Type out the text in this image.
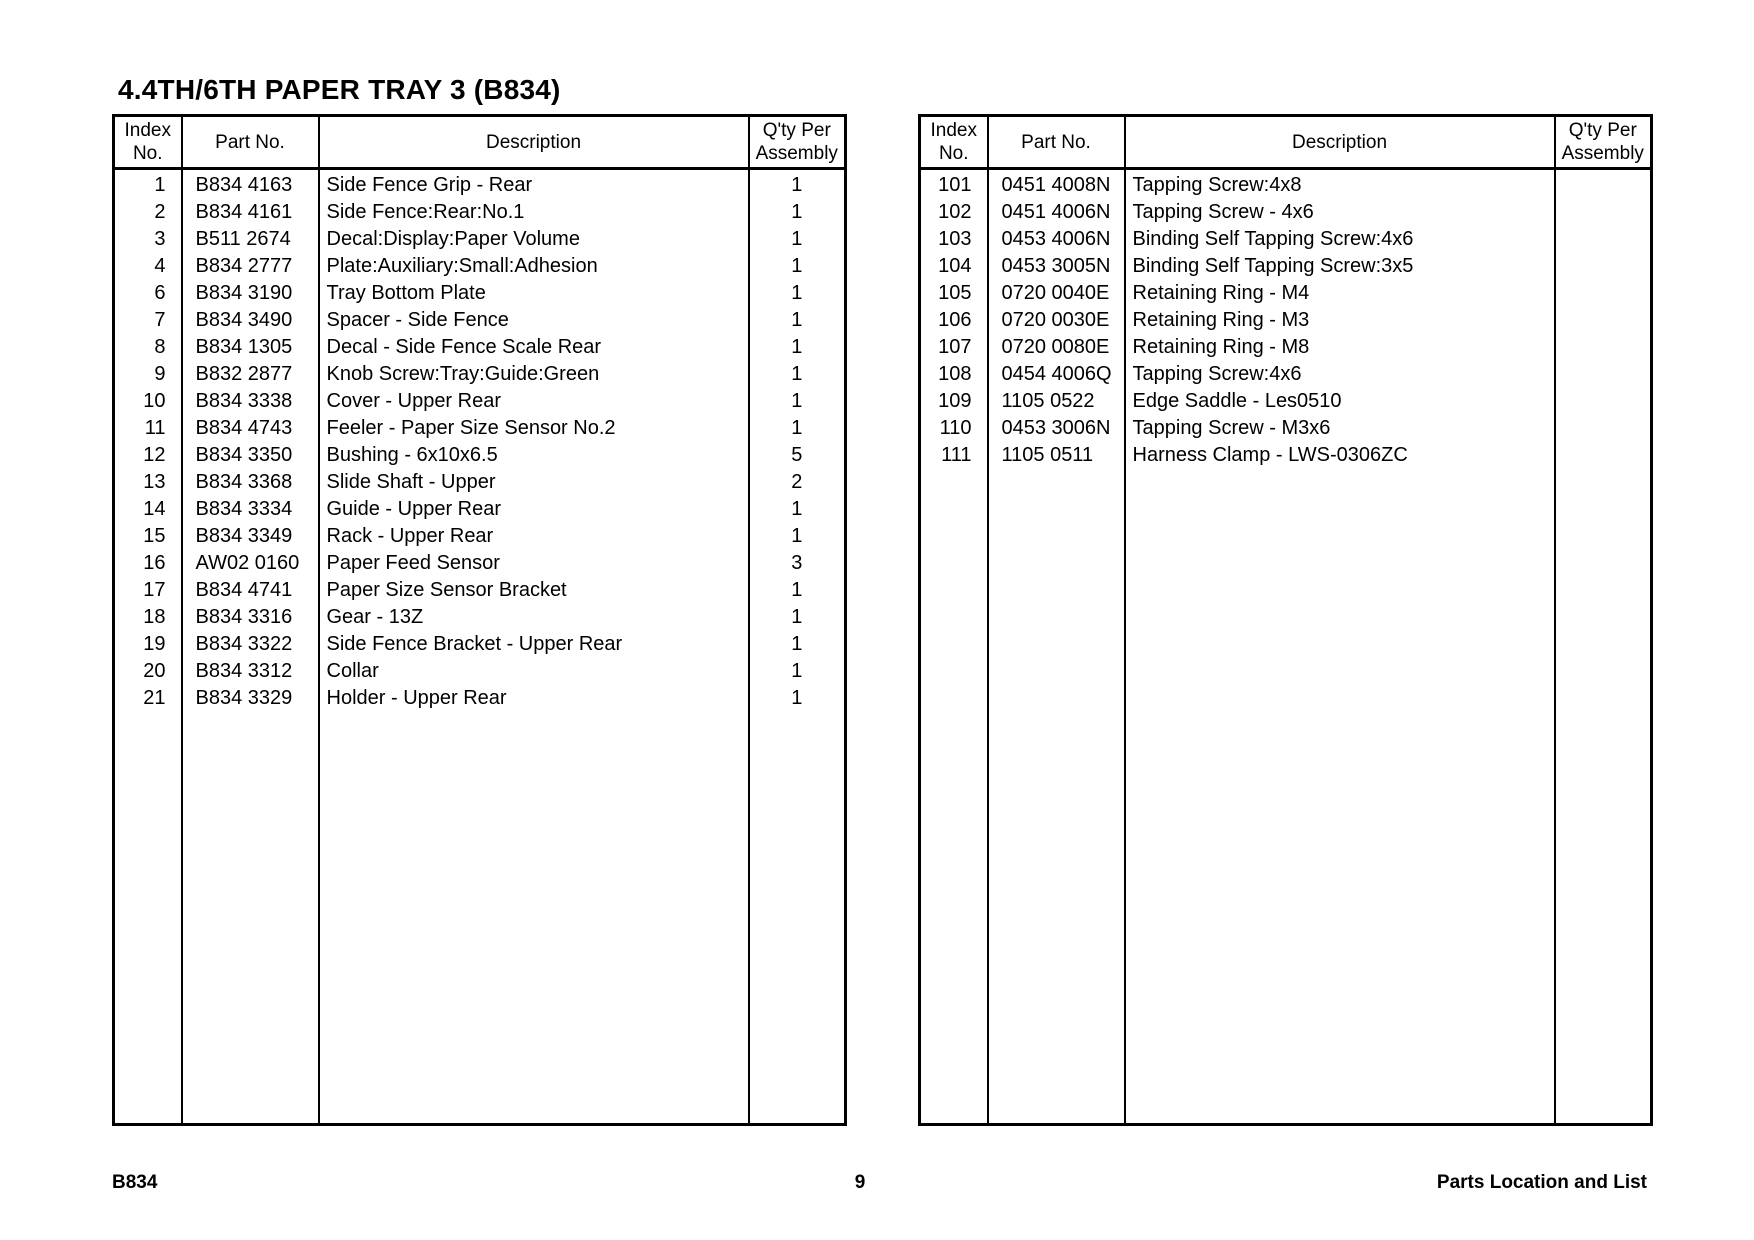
4.4TH/6TH PAPER TRAY 3 (B834)
Index
No.	Part No.	Description	Q'ty Per
Assembly
1	B834 4163	Side Fence Grip - Rear	1
2	B834 4161	Side Fence:Rear:No.1	1
3	B511 2674	Decal:Display:Paper Volume	1
4	B834 2777	Plate:Auxiliary:Small:Adhesion	1
6	B834 3190	Tray Bottom Plate	1
7	B834 3490	Spacer - Side Fence	1
8	B834 1305	Decal - Side Fence Scale Rear	1
9	B832 2877	Knob Screw:Tray:Guide:Green	1
10	B834 3338	Cover - Upper Rear	1
11	B834 4743	Feeler - Paper Size Sensor No.2	1
12	B834 3350	Bushing - 6x10x6.5	5
13	B834 3368	Slide Shaft - Upper	2
14	B834 3334	Guide - Upper Rear	1
15	B834 3349	Rack - Upper Rear	1
16	AW02 0160	Paper Feed Sensor	3
17	B834 4741	Paper Size Sensor Bracket	1
18	B834 3316	Gear - 13Z	1
19	B834 3322	Side Fence Bracket - Upper Rear	1
20	B834 3312	Collar	1
21	B834 3329	Holder - Upper Rear	1

Index
No.	Part No.	Description	Q'ty Per
Assembly
101	0451 4008N	Tapping Screw:4x8	
102	0451 4006N	Tapping Screw - 4x6	
103	0453 4006N	Binding Self Tapping Screw:4x6	
104	0453 3005N	Binding Self Tapping Screw:3x5	
105	0720 0040E	Retaining Ring - M4	
106	0720 0030E	Retaining Ring - M3	
107	0720 0080E	Retaining Ring - M8	
108	0454 4006Q	Tapping Screw:4x6	
109	1105 0522	Edge Saddle - Les0510	
110	0453 3006N	Tapping Screw - M3x6	
111	1105 0511	Harness Clamp - LWS-0306ZC	

B834	9	Parts Location and List
